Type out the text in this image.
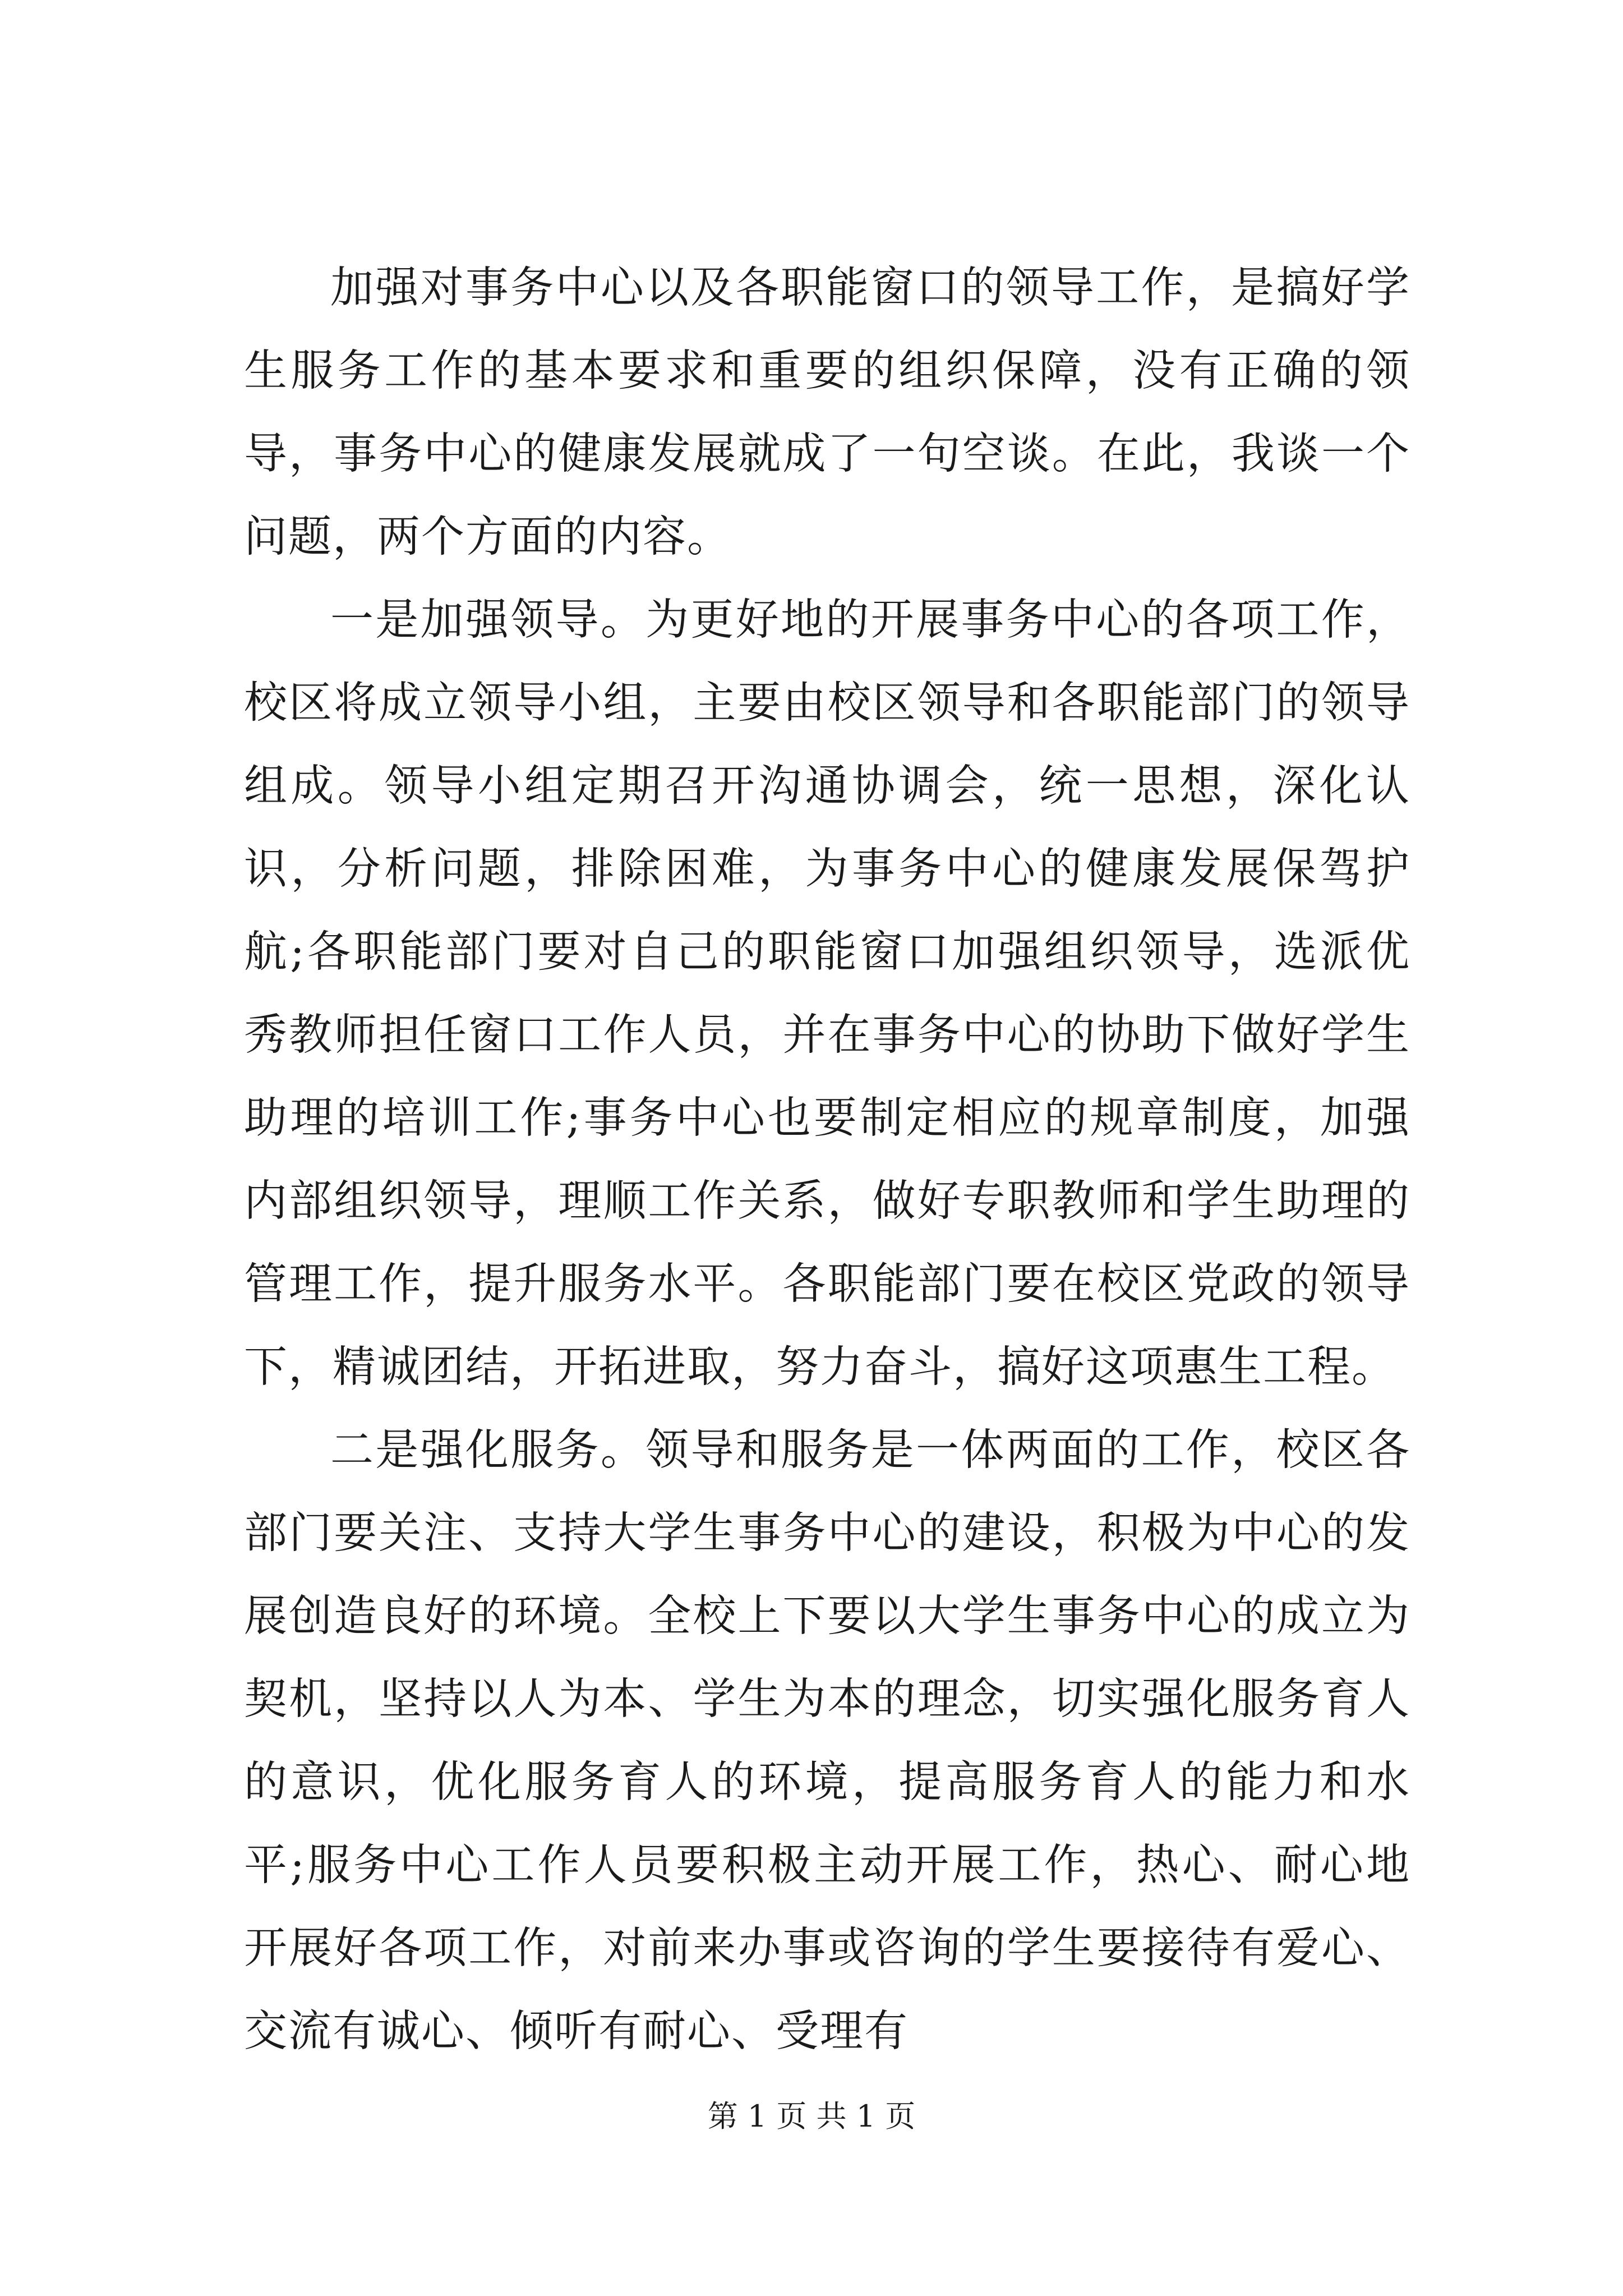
加强对事务中心以及各职能窗口的领导工作，是搞好学生服务工作的基本要求和重要的组织保障，没有正确的领导，事务中心的健康发展就成了一句空谈。在此，我谈一个问题，两个方面的内容。

一是加强领导。为更好地的开展事务中心的各项工作，校区将成立领导小组，主要由校区领导和各职能部门的领导组成。领导小组定期召开沟通协调会，统一思想，深化认识，分析问题，排除困难，为事务中心的健康发展保驾护航;各职能部门要对自己的职能窗口加强组织领导，选派优秀教师担任窗口工作人员，并在事务中心的协助下做好学生助理的培训工作;事务中心也要制定相应的规章制度，加强内部组织领导，理顺工作关系，做好专职教师和学生助理的管理工作，提升服务水平。各职能部门要在校区党政的领导下，精诚团结，开拓进取，努力奋斗，搞好这项惠生工程。

二是强化服务。领导和服务是一体两面的工作，校区各部门要关注、支持大学生事务中心的建设，积极为中心的发展创造良好的环境。全校上下要以大学生事务中心的成立为契机，坚持以人为本、学生为本的理念，切实强化服务育人的意识，优化服务育人的环境，提高服务育人的能力和水平;服务中心工作人员要积极主动开展工作，热心、耐心地开展好各项工作，对前来办事或咨询的学生要接待有爱心、交流有诚心、倾听有耐心、受理有

第 1 页 共 1 页
